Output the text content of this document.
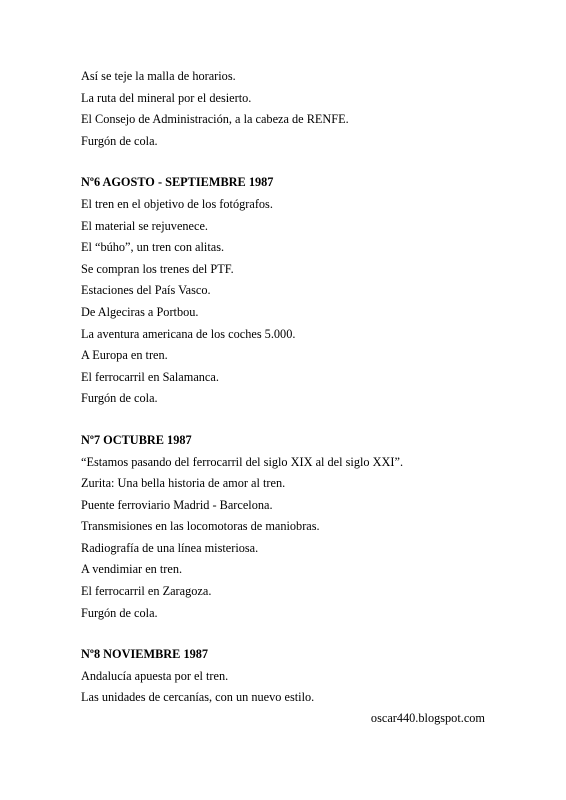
Así se teje la malla de horarios.
La ruta del mineral por el desierto.
El Consejo de Administración, a la cabeza de RENFE.
Furgón de cola.
Nº6 AGOSTO - SEPTIEMBRE 1987
El tren en el objetivo de los fotógrafos.
El material se rejuvenece.
El “búho”, un tren con alitas.
Se compran los trenes del PTF.
Estaciones del País Vasco.
De Algeciras a Portbou.
La aventura americana de los coches 5.000.
A Europa en tren.
El ferrocarril en Salamanca.
Furgón de cola.
Nº7 OCTUBRE 1987
“Estamos pasando del ferrocarril del siglo XIX al del siglo XXI”.
Zurita: Una bella historia de amor al tren.
Puente ferroviario Madrid - Barcelona.
Transmisiones en las locomotoras de maniobras.
Radiografía de una línea misteriosa.
A vendimiar en tren.
El ferrocarril en Zaragoza.
Furgón de cola.
Nº8 NOVIEMBRE 1987
Andalucía apuesta por el tren.
Las unidades de cercanías, con un nuevo estilo.
oscar440.blogspot.com
